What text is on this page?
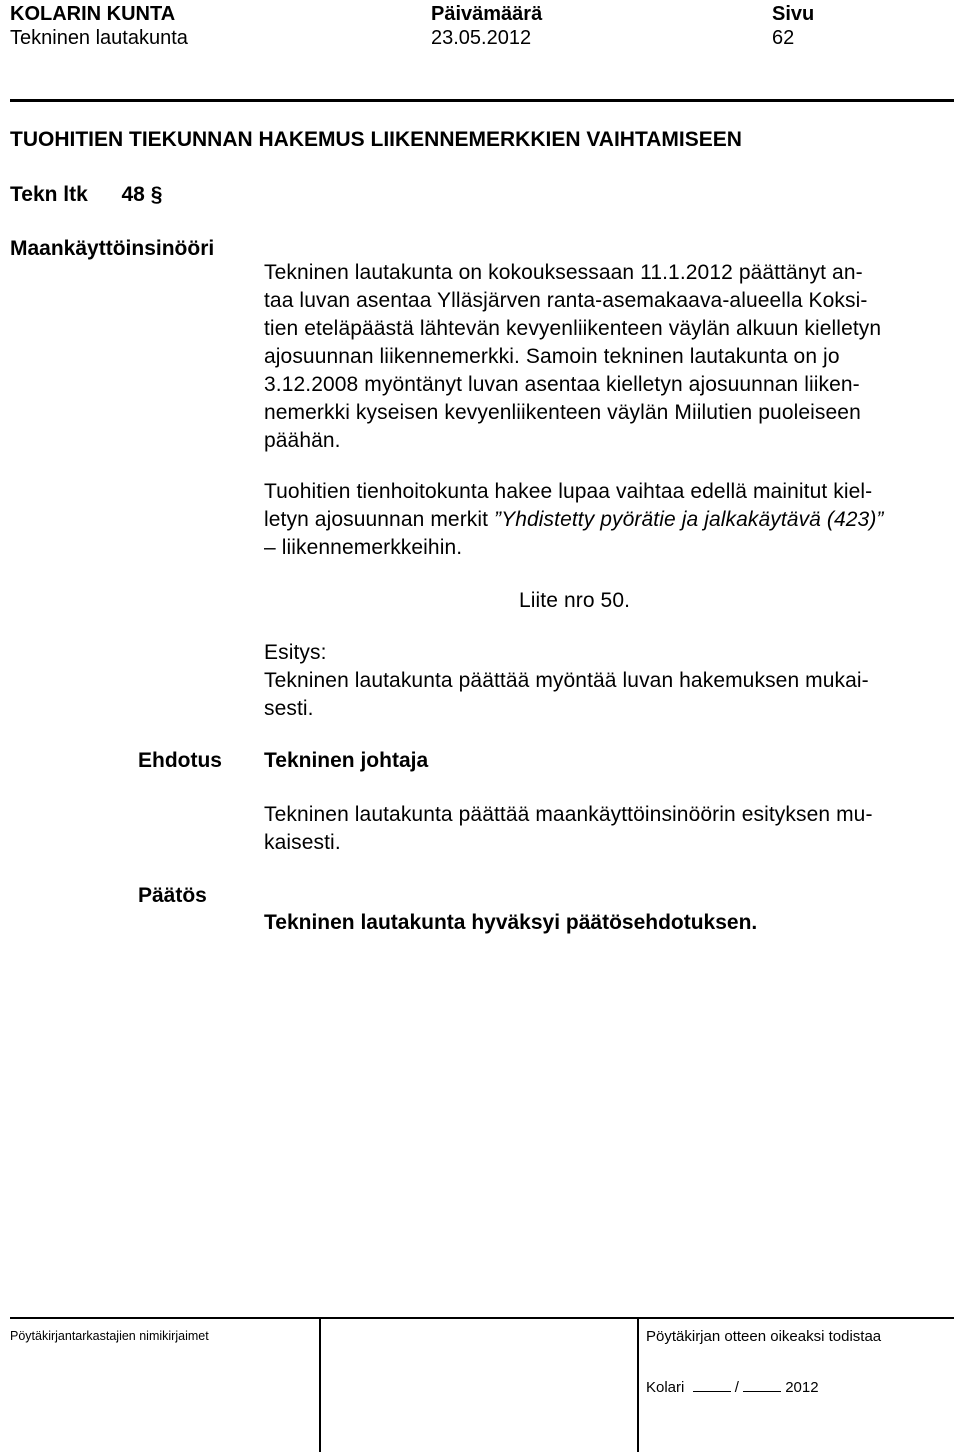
KOLARIN KUNTA
Tekninen lautakunta
Päivämäärä
23.05.2012
Sivu
62
TUOHITIEN TIEKUNNAN HAKEMUS LIIKENNEMERKKIEN VAIHTAMISEEN
Tekn ltk 48 §
Maankäyttöinsinööri
Tekninen lautakunta on kokouksessaan 11.1.2012 päättänyt an-
taa luvan asentaa Ylläsjärven ranta-asemakaava-alueella Koksi-
tien eteläpäästä lähtevän kevyenliikenteen väylän alkuun kielletyn
ajosuunnan liikennemerkki. Samoin tekninen lautakunta on jo
3.12.2008 myöntänyt luvan asentaa kielletyn ajosuunnan liiken-
nemerkki kyseisen kevyenliikenteen väylän Miilutien puoleiseen
päähän.
Tuohitien tienhoitokunta hakee lupaa vaihtaa edellä mainitut kiel-
letyn ajosuunnan merkit ”Yhdistetty pyörätie ja jalkakäytävä (423)”
– liikennemerkkeihin.
Liite nro 50.
Esitys:
Tekninen lautakunta päättää myöntää luvan hakemuksen mukai-
sesti.
Ehdotus Tekninen johtaja
Tekninen lautakunta päättää maankäyttöinsinöörin esityksen mu-
kaisesti.
Päätös
Tekninen lautakunta hyväksyi päätösehdotuksen.
Pöytäkirjantarkastajien nimikirjaimet	Pöytäkirjan otteen oikeaksi todistaa
Kolari	/	2012
